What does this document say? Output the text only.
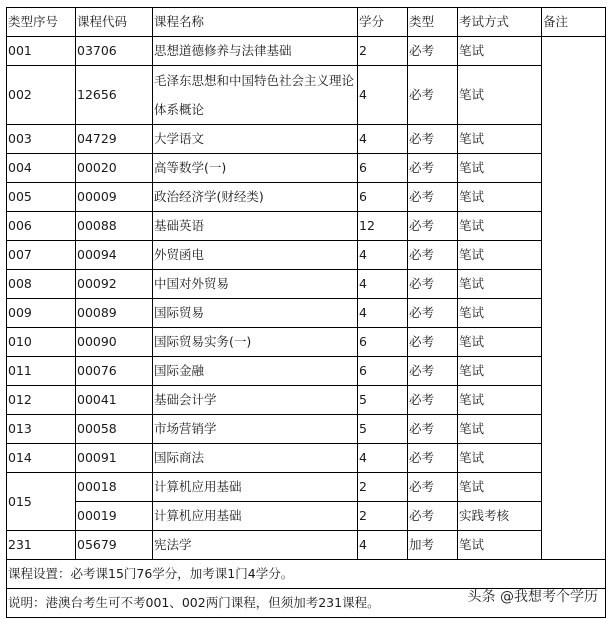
类型序号	课程代码	课程名称	学分	类型	考试方式	备注
001	03706	思想道德修养与法律基础	2	必考	笔试	
002	12656	毛泽东思想和中国特色社会主义理论体系概论	4	必考	笔试	
003	04729	大学语文	4	必考	笔试	
004	00020	高等数学(一)	6	必考	笔试	
005	00009	政治经济学(财经类)	6	必考	笔试	
006	00088	基础英语	12	必考	笔试	
007	00094	外贸函电	4	必考	笔试	
008	00092	中国对外贸易	4	必考	笔试	
009	00089	国际贸易	4	必考	笔试	
010	00090	国际贸易实务(一)	6	必考	笔试	
011	00076	国际金融	6	必考	笔试	
012	00041	基础会计学	5	必考	笔试	
013	00058	市场营销学	5	必考	笔试	
014	00091	国际商法	4	必考	笔试	
015	00018	计算机应用基础	2	必考	笔试	
	00019	计算机应用基础	2	必考	实践考核	
231	05679	宪法学	4	加考	笔试	
课程设置：必考课15门76学分，加考课1门4学分。						
说明：港澳台考生可不考001、002两门课程，但须加考231课程。							头条 @我想考个学历
